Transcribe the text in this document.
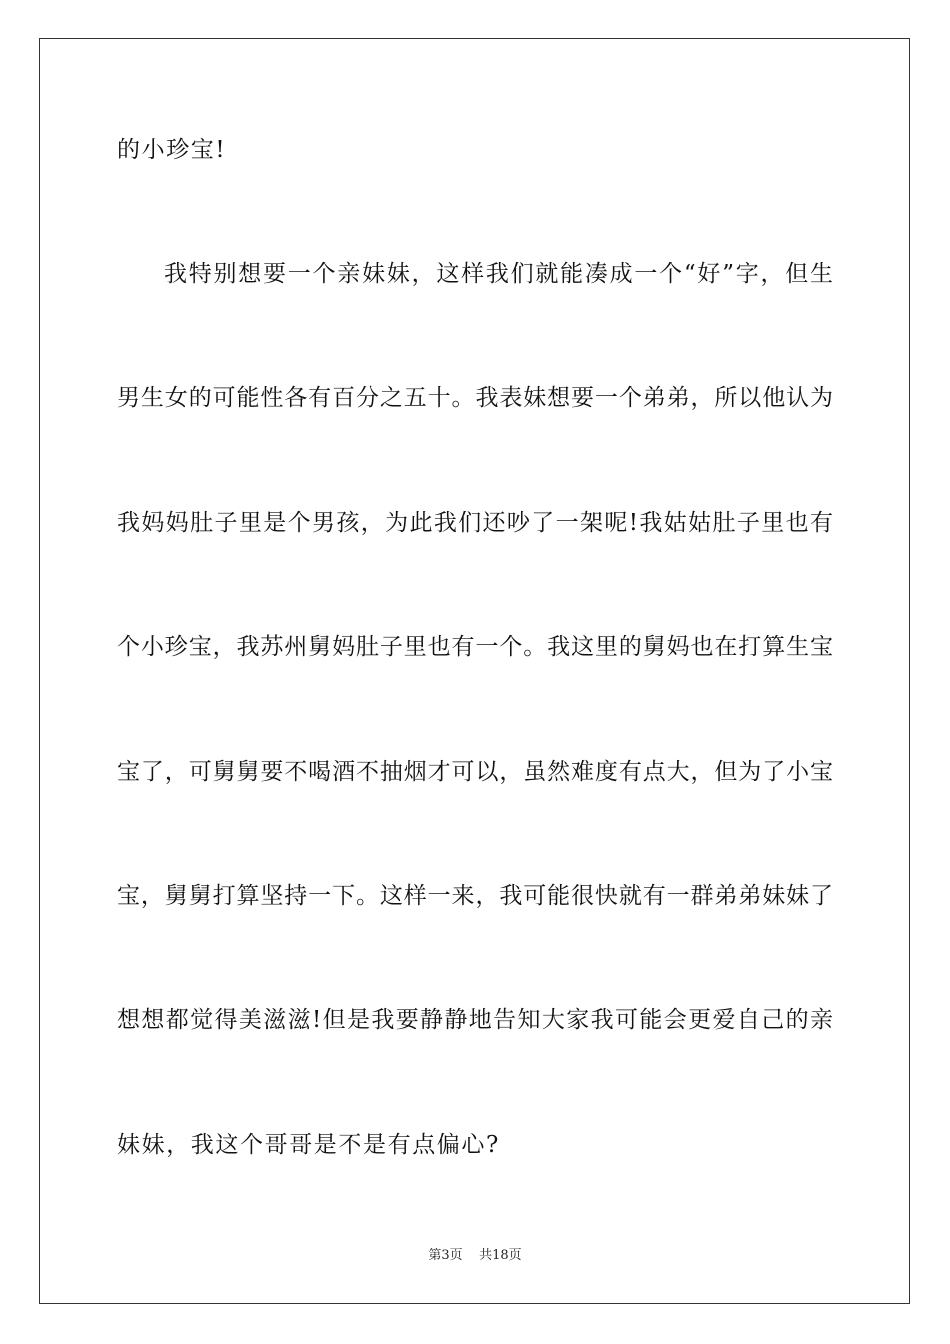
的小珍宝!
我特别想要一个亲妹妹，这样我们就能凑成一个“好”字，但生
男生女的可能性各有百分之五十。我表妹想要一个弟弟，所以他认为
我妈妈肚子里是个男孩，为此我们还吵了一架呢!我姑姑肚子里也有
个小珍宝，我苏州舅妈肚子里也有一个。我这里的舅妈也在打算生宝
宝了，可舅舅要不喝酒不抽烟才可以，虽然难度有点大，但为了小宝
宝，舅舅打算坚持一下。这样一来，我可能很快就有一群弟弟妹妹了
想想都觉得美滋滋!但是我要静静地告知大家我可能会更爱自己的亲
妹妹，我这个哥哥是不是有点偏心?
第3页    共18页
